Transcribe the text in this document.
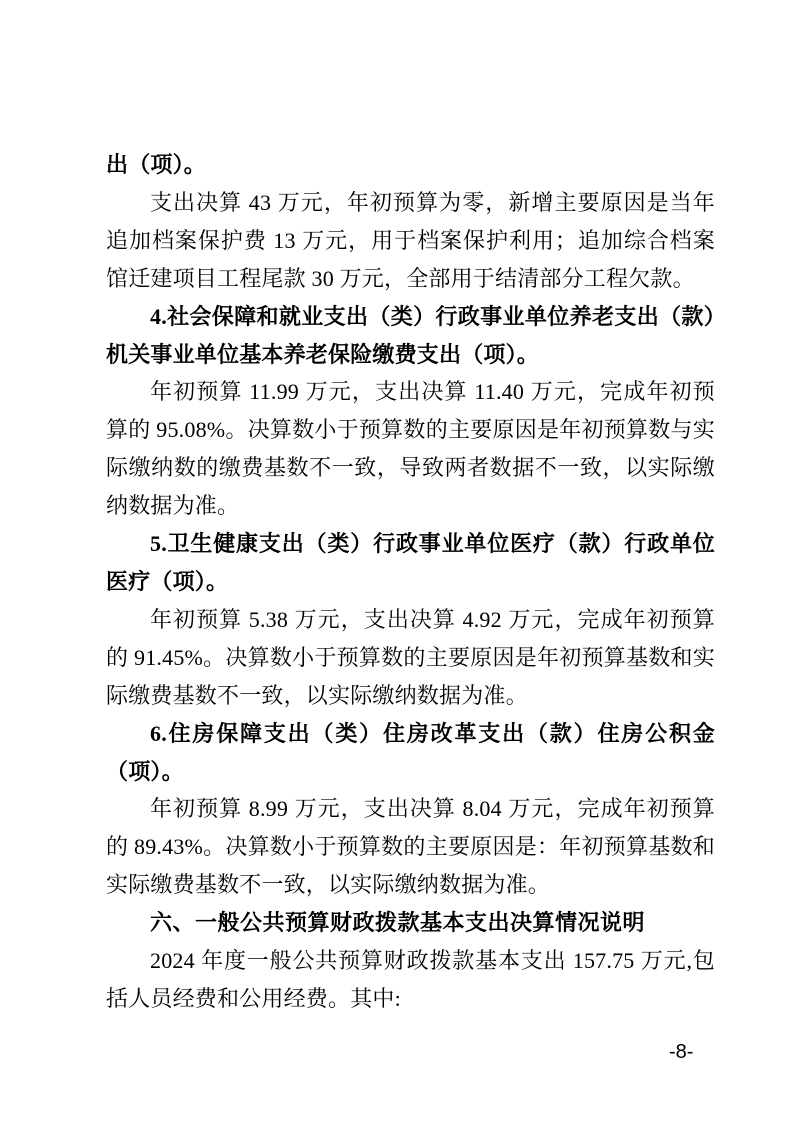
出（项）。

支出决算 43 万元，年初预算为零，新增主要原因是当年追加档案保护费 13 万元，用于档案保护利用；追加综合档案馆迁建项目工程尾款 30 万元，全部用于结清部分工程欠款。

4.社会保障和就业支出（类）行政事业单位养老支出（款）机关事业单位基本养老保险缴费支出（项）。

年初预算 11.99 万元，支出决算 11.40 万元，完成年初预算的 95.08%。决算数小于预算数的主要原因是年初预算数与实际缴纳数的缴费基数不一致，导致两者数据不一致，以实际缴纳数据为准。

5.卫生健康支出（类）行政事业单位医疗（款）行政单位医疗（项）。

年初预算 5.38 万元，支出决算 4.92 万元，完成年初预算的 91.45%。决算数小于预算数的主要原因是年初预算基数和实际缴费基数不一致，以实际缴纳数据为准。

6.住房保障支出（类）住房改革支出（款）住房公积金（项）。

年初预算 8.99 万元，支出决算 8.04 万元，完成年初预算的 89.43%。决算数小于预算数的主要原因是：年初预算基数和实际缴费基数不一致，以实际缴纳数据为准。

六、一般公共预算财政拨款基本支出决算情况说明

2024 年度一般公共预算财政拨款基本支出 157.75 万元,包括人员经费和公用经费。其中:

-8-
